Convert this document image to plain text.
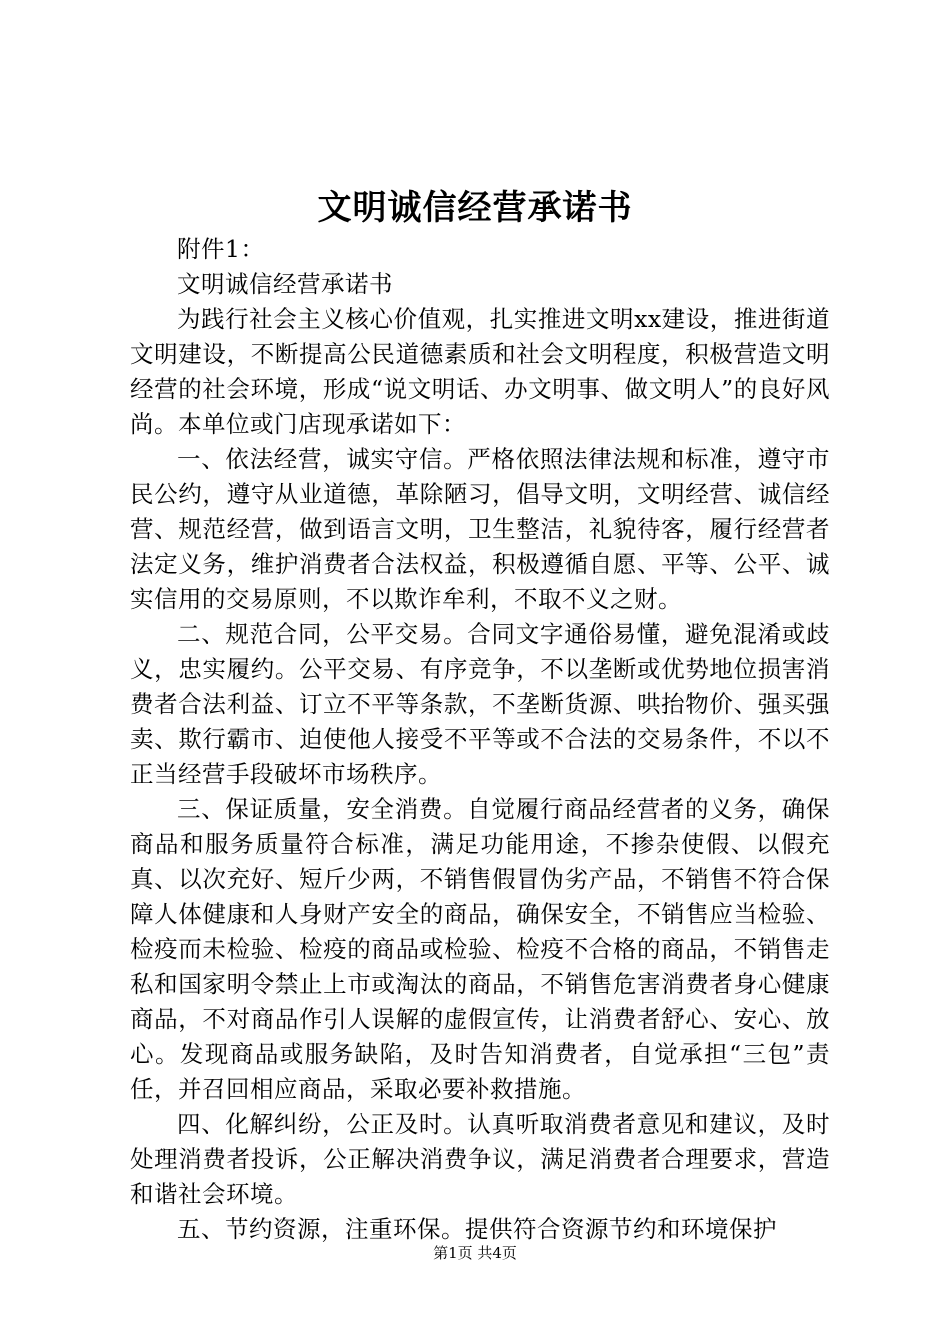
文明诚信经营承诺书

附件1：

文明诚信经营承诺书

为践行社会主义核心价值观，扎实推进文明xx建设，推进街道文明建设，不断提高公民道德素质和社会文明程度，积极营造文明经营的社会环境，形成“说文明话、办文明事、做文明人”的良好风尚。本单位或门店现承诺如下：

一、依法经营，诚实守信。严格依照法律法规和标准，遵守市民公约，遵守从业道德，革除陋习，倡导文明，文明经营、诚信经营、规范经营，做到语言文明，卫生整洁，礼貌待客，履行经营者法定义务，维护消费者合法权益，积极遵循自愿、平等、公平、诚实信用的交易原则，不以欺诈牟利，不取不义之财。

二、规范合同，公平交易。合同文字通俗易懂，避免混淆或歧义，忠实履约。公平交易、有序竞争，不以垄断或优势地位损害消费者合法利益、订立不平等条款，不垄断货源、哄抬物价、强买强卖、欺行霸市、迫使他人接受不平等或不合法的交易条件，不以不正当经营手段破坏市场秩序。

三、保证质量，安全消费。自觉履行商品经营者的义务，确保商品和服务质量符合标准，满足功能用途，不掺杂使假、以假充真、以次充好、短斤少两，不销售假冒伪劣产品，不销售不符合保障人体健康和人身财产安全的商品，确保安全，不销售应当检验、检疫而未检验、检疫的商品或检验、检疫不合格的商品，不销售走私和国家明令禁止上市或淘汰的商品，不销售危害消费者身心健康商品，不对商品作引人误解的虚假宣传，让消费者舒心、安心、放心。发现商品或服务缺陷，及时告知消费者，自觉承担“三包”责任，并召回相应商品，采取必要补救措施。

四、化解纠纷，公正及时。认真听取消费者意见和建议，及时处理消费者投诉，公正解决消费争议，满足消费者合理要求，营造和谐社会环境。

五、节约资源，注重环保。提供符合资源节约和环境保护

第1页 共4页
